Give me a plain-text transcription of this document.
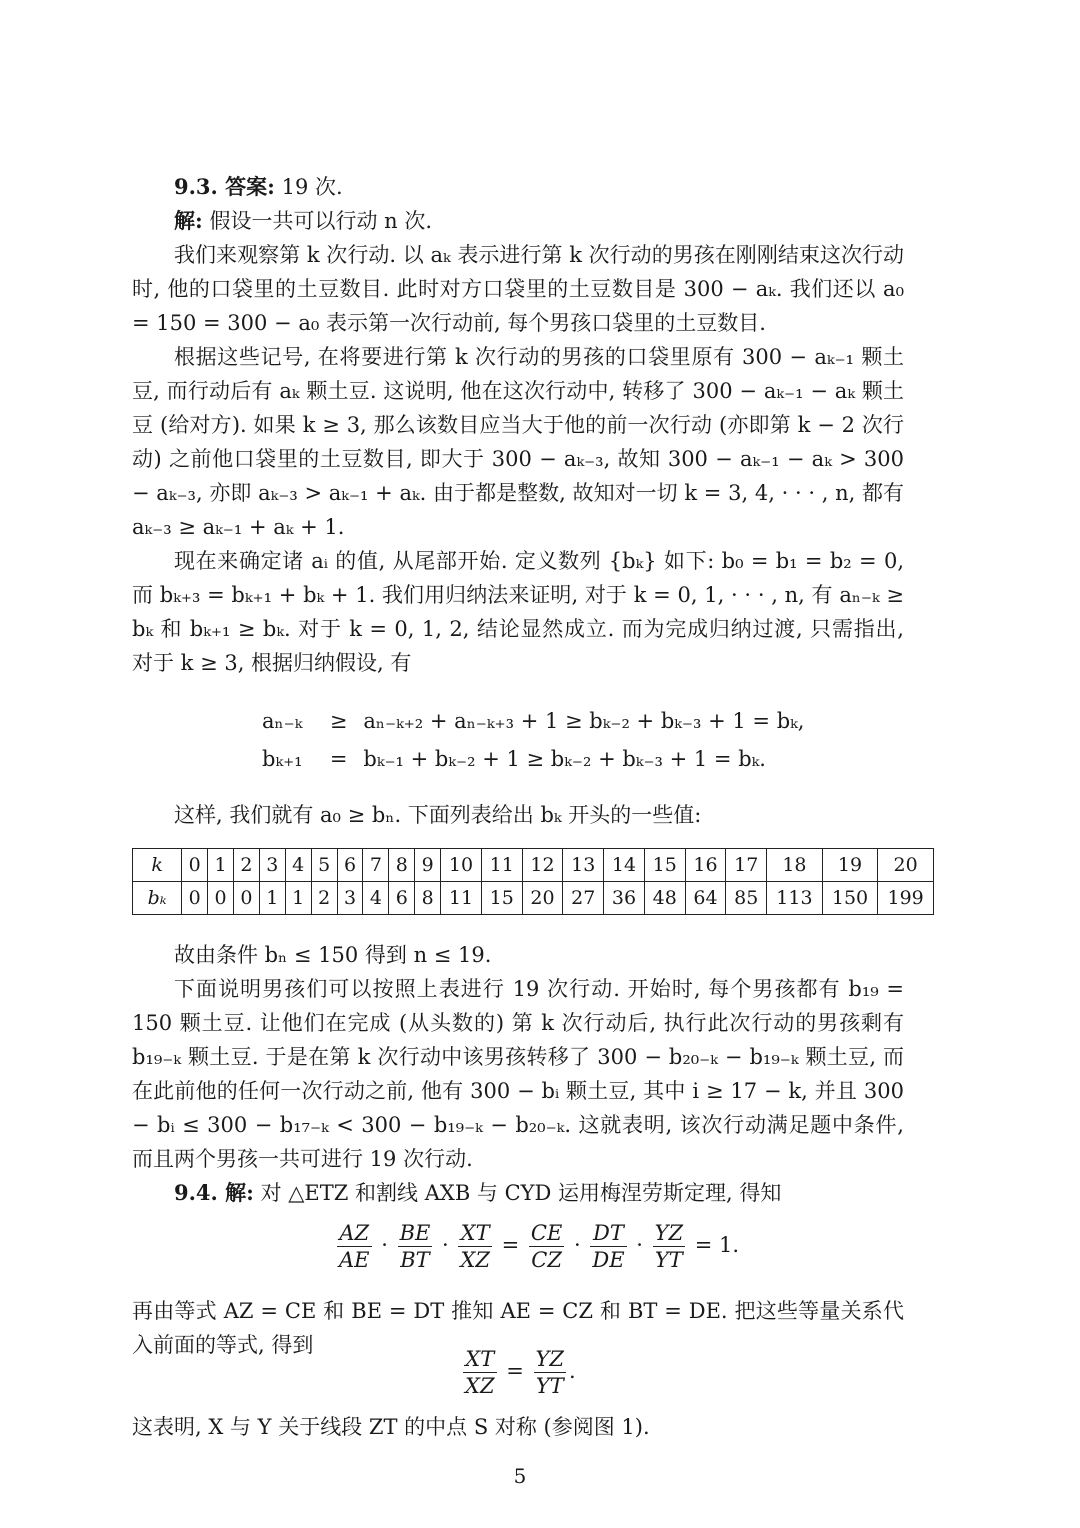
9.3. 答案: 19 次.
解: 假设一共可以行动 n 次.
我们来观察第 k 次行动. 以 aₖ 表示进行第 k 次行动的男孩在刚刚结束这次行动时, 他的口袋里的土豆数目. 此时对方口袋里的土豆数目是 300 − aₖ. 我们还以 a₀ = 150 = 300 − a₀ 表示第一次行动前, 每个男孩口袋里的土豆数目.
根据这些记号, 在将要进行第 k 次行动的男孩的口袋里原有 300 − aₖ₋₁ 颗土豆, 而行动后有 aₖ 颗土豆. 这说明, 他在这次行动中, 转移了 300 − aₖ₋₁ − aₖ 颗土豆 (给对方). 如果 k ≥ 3, 那么该数目应当大于他的前一次行动 (亦即第 k − 2 次行动) 之前他口袋里的土豆数目, 即大于 300 − aₖ₋₃, 故知 300 − aₖ₋₁ − aₖ > 300 − aₖ₋₃, 亦即 aₖ₋₃ > aₖ₋₁ + aₖ. 由于都是整数, 故知对一切 k = 3, 4, · · · , n, 都有 aₖ₋₃ ≥ aₖ₋₁ + aₖ + 1.
现在来确定诸 aᵢ 的值, 从尾部开始. 定义数列 {bₖ} 如下: b₀ = b₁ = b₂ = 0, 而 bₖ₊₃ = bₖ₊₁ + bₖ + 1. 我们用归纳法来证明, 对于 k = 0, 1, · · · , n, 有 aₙ₋ₖ ≥ bₖ 和 bₖ₊₁ ≥ bₖ. 对于 k = 0, 1, 2, 结论显然成立. 而为完成归纳过渡, 只需指出, 对于 k ≥ 3, 根据归纳假设, 有
aₙ₋ₖ ≥ aₙ₋ₖ₊₂ + aₙ₋ₖ₊₃ + 1 ≥ bₖ₋₂ + bₖ₋₃ + 1 = bₖ,
bₖ₊₁ = bₖ₋₁ + bₖ₋₂ + 1 ≥ bₖ₋₂ + bₖ₋₃ + 1 = bₖ.
这样, 我们就有 a₀ ≥ bₙ. 下面列表给出 bₖ 开头的一些值:
k	0	1	2	3	4	5	6	7	8	9	10	11	12	13	14	15	16	17	18	19	20
bₖ	0	0	0	1	1	2	3	4	6	8	11	15	20	27	36	48	64	85	113	150	199
故由条件 bₙ ≤ 150 得到 n ≤ 19.
下面说明男孩们可以按照上表进行 19 次行动. 开始时, 每个男孩都有 b₁₉ = 150 颗土豆. 让他们在完成 (从头数的) 第 k 次行动后, 执行此次行动的男孩剩有 b₁₉₋ₖ 颗土豆. 于是在第 k 次行动中该男孩转移了 300 − b₂₀₋ₖ − b₁₉₋ₖ 颗土豆, 而在此前他的任何一次行动之前, 他有 300 − bᵢ 颗土豆, 其中 i ≥ 17 − k, 并且 300 − bᵢ ≤ 300 − b₁₇₋ₖ < 300 − b₁₉₋ₖ − b₂₀₋ₖ. 这就表明, 该次行动满足题中条件, 而且两个男孩一共可进行 19 次行动.
9.4. 解: 对 △ETZ 和割线 AXB 与 CYD 运用梅涅劳斯定理, 得知
$\frac{AZ}{AE} \cdot \frac{BE}{BT} \cdot \frac{XT}{XZ} = \frac{CE}{CZ} \cdot \frac{DT}{DE} \cdot \frac{YZ}{YT} = 1$.
再由等式 AZ = CE 和 BE = DT 推知 AE = CZ 和 BT = DE. 把这些等量关系代入前面的等式, 得到
$\frac{XT}{XZ} = \frac{YZ}{YT}$ .
这表明, X 与 Y 关于线段 ZT 的中点 S 对称 (参阅图 1).
5
